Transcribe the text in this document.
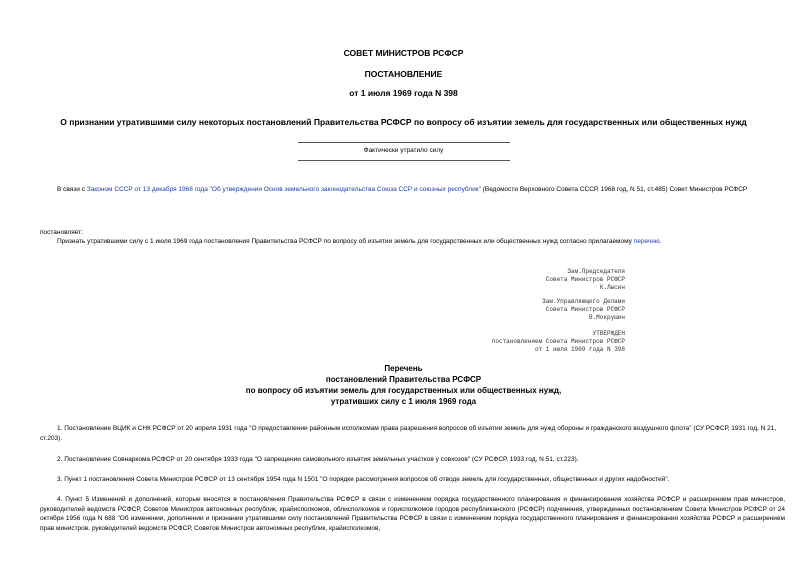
СОВЕТ МИНИСТРОВ РСФСР
ПОСТАНОВЛЕНИЕ
от 1 июля 1969 года N 398
О признании утратившими силу некоторых постановлений Правительства РСФСР по вопросу об изъятии земель для государственных или общественных нужд
Фактически утратило силу
В связи с Законом СССР от 13 декабря 1968 года "Об утверждении Основ земельного законодательства Союза ССР и союзных республик" (Ведомости Верховного Совета СССР, 1968 год, N 51, ст.485) Совет Министров РСФСР
постановляет:
Признать утратившими силу с 1 июля 1969 года постановления Правительства РСФСР по вопросу об изъятии земель для государственных или общественных нужд согласно прилагаемому перечню.
Зам.Председателя
Совета Министров РСФСР
К.Лысин
Зам.Управляющего Делами
Совета Министров РСФСР
В.Мокрушин
УТВЕРЖДЕН
постановлением Совета Министров РСФСР
от 1 июля 1969 года N 398
Перечень
постановлений Правительства РСФСР
по вопросу об изъятии земель для государственных или общественных нужд,
утративших силу с 1 июля 1969 года
1. Постановление ВЦИК и СНК РСФСР от 20 апреля 1931 года "О предоставлении районным исполкомам права разрешения вопросов об изъятии земель для нужд обороны и гражданского воздушного флота" (СУ РСФСР, 1931 год, N 21, ст.203).
2. Постановление Совнаркома РСФСР от 20 сентября 1933 года "О запрещении самовольного изъятия земельных участков у совхозов" (СУ РСФСР, 1933 год, N 51, ст.223).
3. Пункт 1 постановления Совета Министров РСФСР от 13 сентября 1954 года N 1501 "О порядке рассмотрения вопросов об отводе земель для государственных, общественных и других надобностей".
4. Пункт 5 Изменений и дополнений, которые вносятся в постановления Правительства РСФСР в связи с изменением порядка государственного планирования и финансирования хозяйства РСФСР и расширением прав министров, руководителей ведомств РСФСР, Советов Министров автономных республик, крайисполкомов, облисполкомов и горисполкомов городов республиканского (РСФСР) подчинения, утвержденных постановлением Совета Министров РСФСР от 24 октября 1956 года N 688 "Об изменении, дополнении и признании утратившими силу постановлений Правительства РСФСР в связи с изменением порядка государственного планирования и финансирования хозяйства РСФСР и расширением прав министров, руководителей ведомств РСФСР, Советов Министров автономных республик, крайисполкомов,
